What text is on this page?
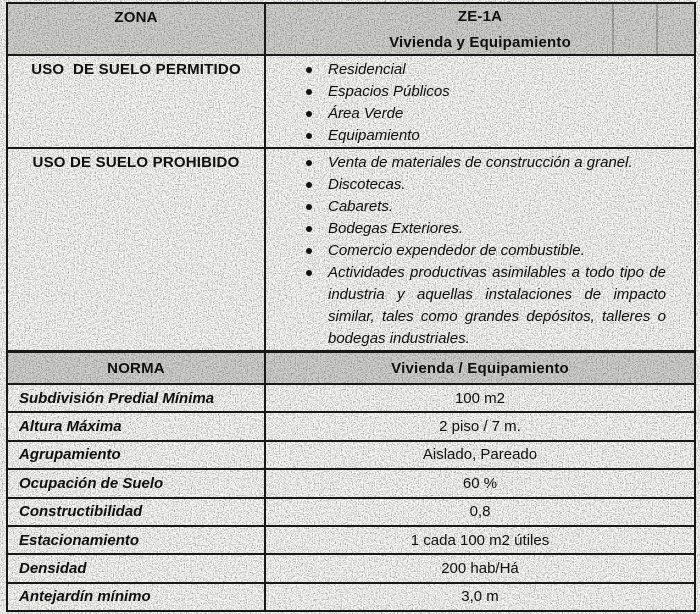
ZONA	ZE-1A
Vivienda y Equipamiento
USO  DE SUELO PERMITIDO	Residencial
Espacios Públicos
Área Verde
Equipamiento
USO DE SUELO PROHIBIDO	Venta de materiales de construcción a granel.
Discotecas.
Cabarets.
Bodegas Exteriores.
Comercio expendedor de combustible.
Actividades productivas asimilables a todo tipo de industria y aquellas instalaciones de impacto similar, tales como grandes depósitos, talleres o bodegas industriales.
NORMA	Vivienda / Equipamiento
Subdivisión Predial Mínima	100 m2
Altura Máxima	2 piso / 7 m.
Agrupamiento	Aislado, Pareado
Ocupación de Suelo	60 %
Constructibilidad	0,8
Estacionamiento	1 cada 100 m2 útiles
Densidad	200 hab/Há
Antejardín mínimo	3,0 m
